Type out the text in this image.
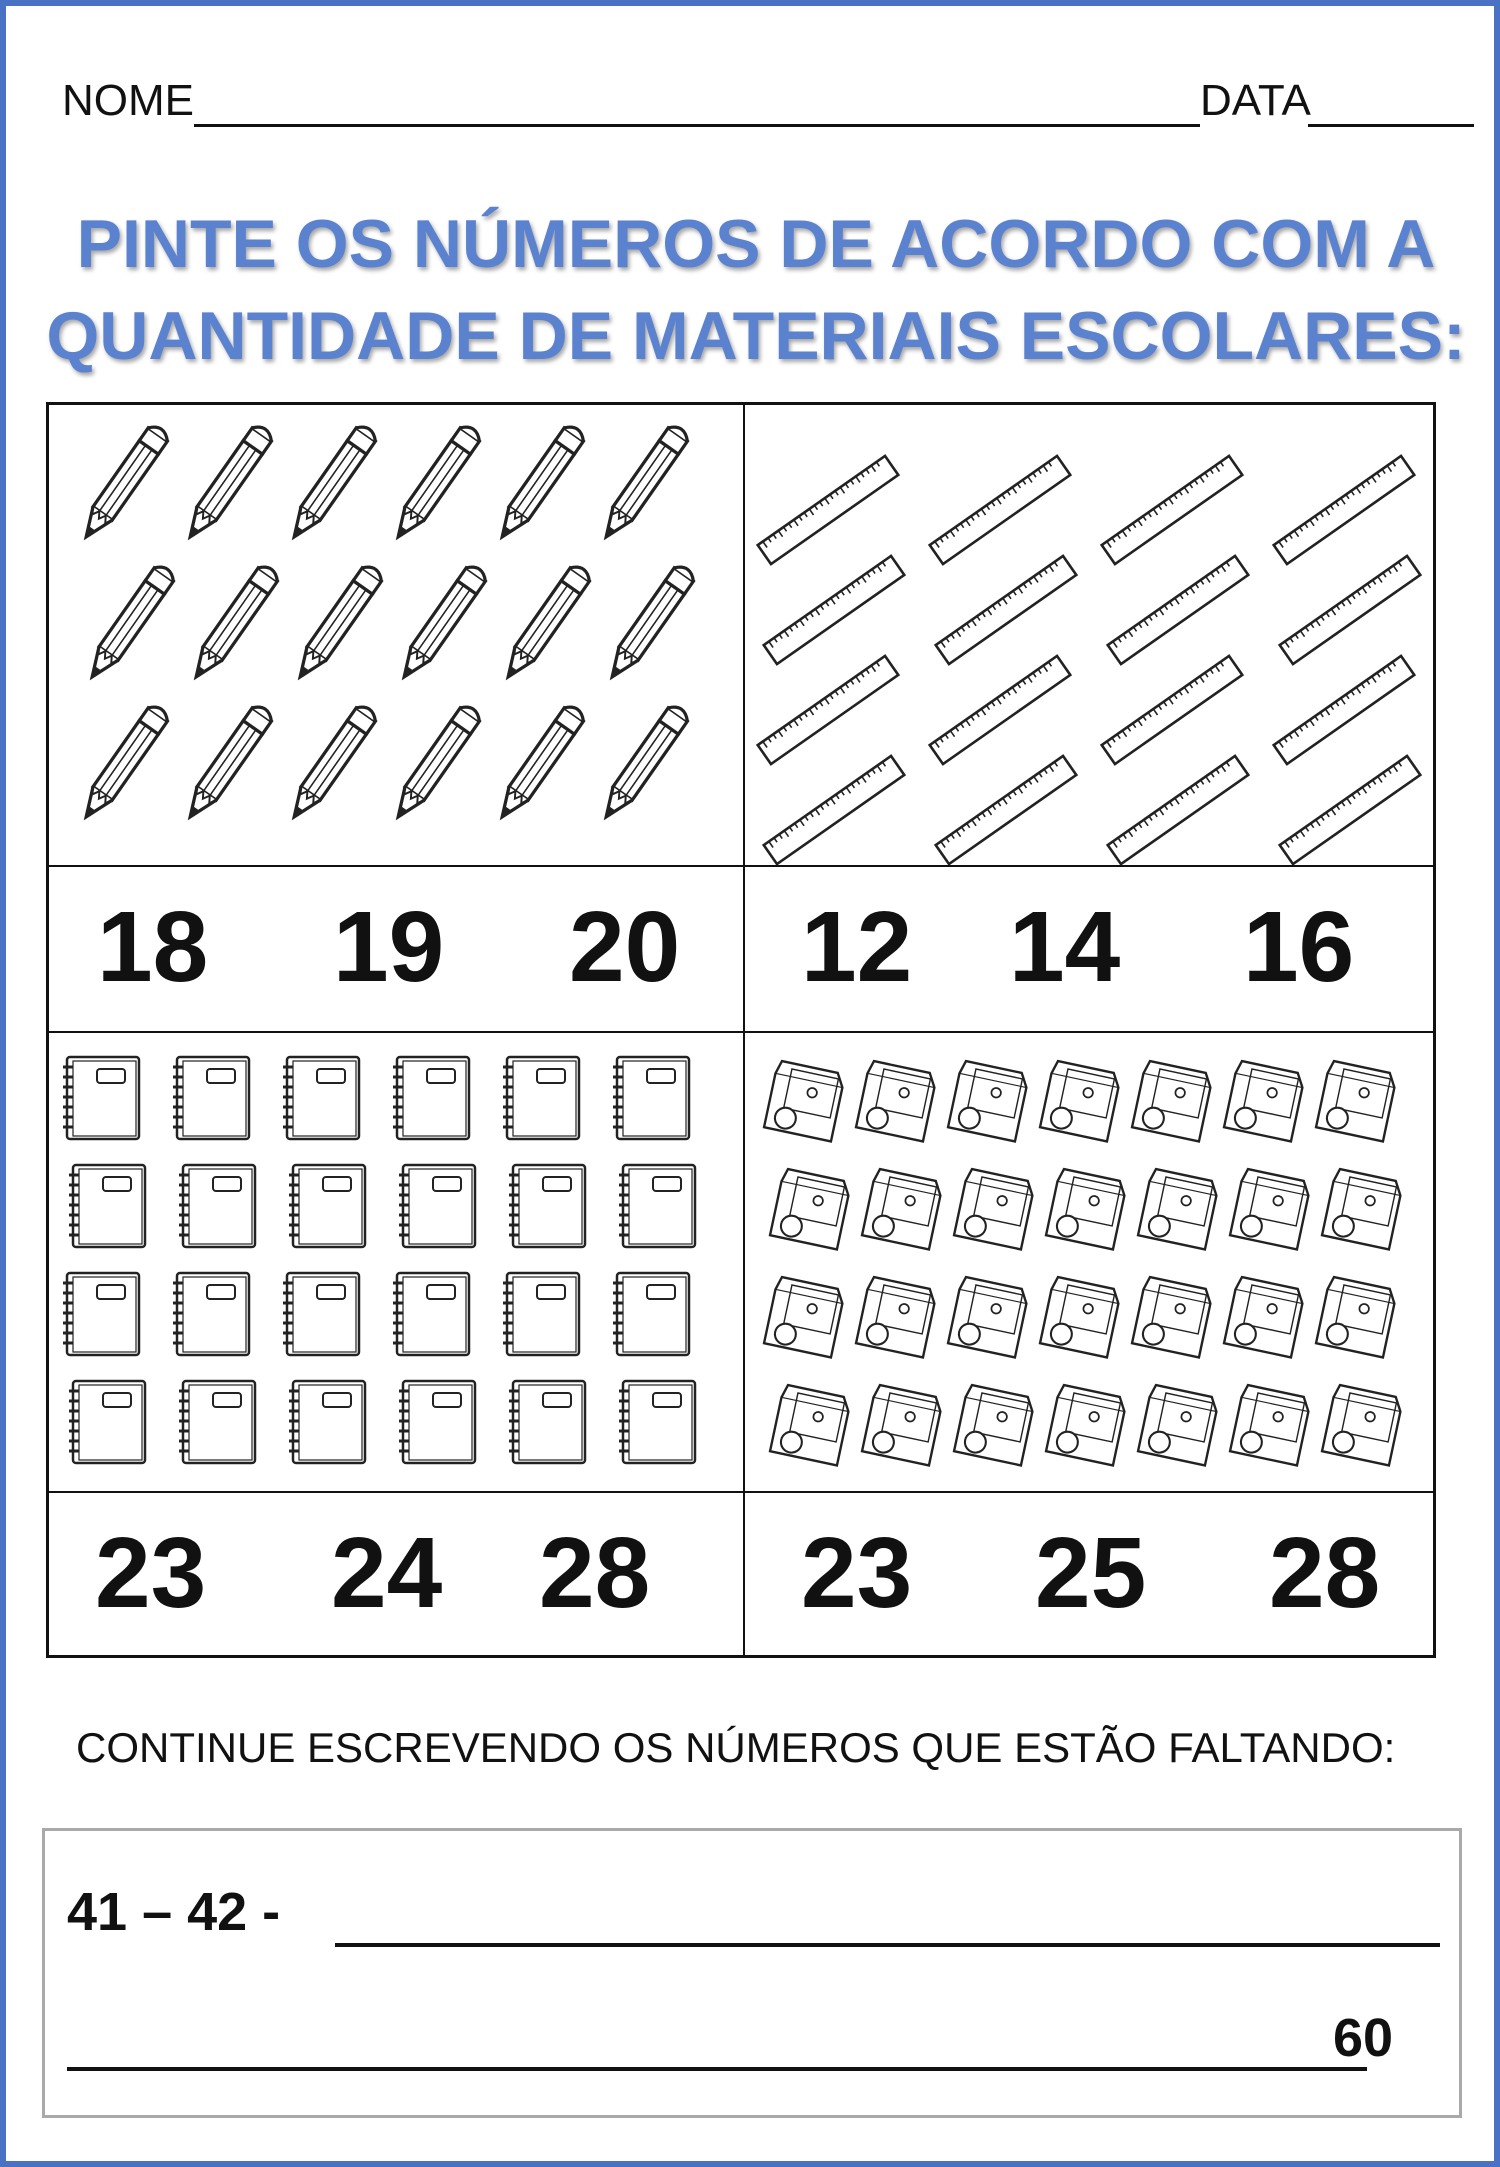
NOME	DATA
PINTE OS NÚMEROS DE ACORDO COM A QUANTIDADE DE MATERIAIS ESCOLARES:
18 19 20 12 14 16
23 24 28 23 25 28
CONTINUE ESCREVENDO OS NÚMEROS QUE ESTÃO FALTANDO:
41 – 42 -
60
